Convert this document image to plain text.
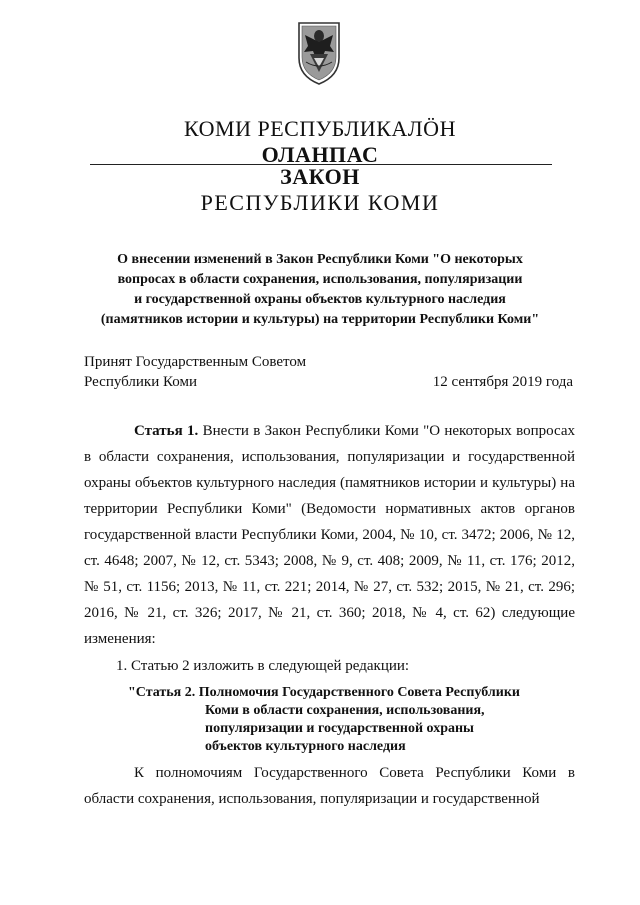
КОМИ РЕСПУБЛИКАЛÖН
ОЛАНПАС
ЗАКОН
РЕСПУБЛИКИ КОМИ
О внесении изменений в Закон Республики Коми "О некоторых
вопросах в области сохранения, использования, популяризации
и государственной охраны объектов культурного наследия
(памятников истории и культуры) на территории Республики Коми"
Принят Государственным Советом
Республики Коми	12 сентября 2019 года

Статья 1. Внести в Закон Республики Коми "О некоторых вопросах в области сохранения, использования, популяризации и государственной охраны объектов культурного наследия (памятников истории и культуры) на территории Республики Коми" (Ведомости нормативных актов органов государственной власти Республики Коми, 2004, № 10, ст. 3472; 2006, № 12, ст. 4648; 2007, № 12, ст. 5343; 2008, № 9, ст. 408; 2009, № 11, ст. 176; 2012, № 51, ст. 1156; 2013, № 11, ст. 221; 2014, № 27, ст. 532; 2015, № 21, ст. 296; 2016, № 21, ст. 326; 2017, № 21, ст. 360; 2018, № 4, ст. 62) следующие изменения:

1. Статью 2 изложить в следующей редакции:
"Статья 2. Полномочия Государственного Совета Республики
Коми в области сохранения, использования,
популяризации и государственной охраны
объектов культурного наследия

К полномочиям Государственного Совета Республики Коми в области сохранения, использования, популяризации и государственной
